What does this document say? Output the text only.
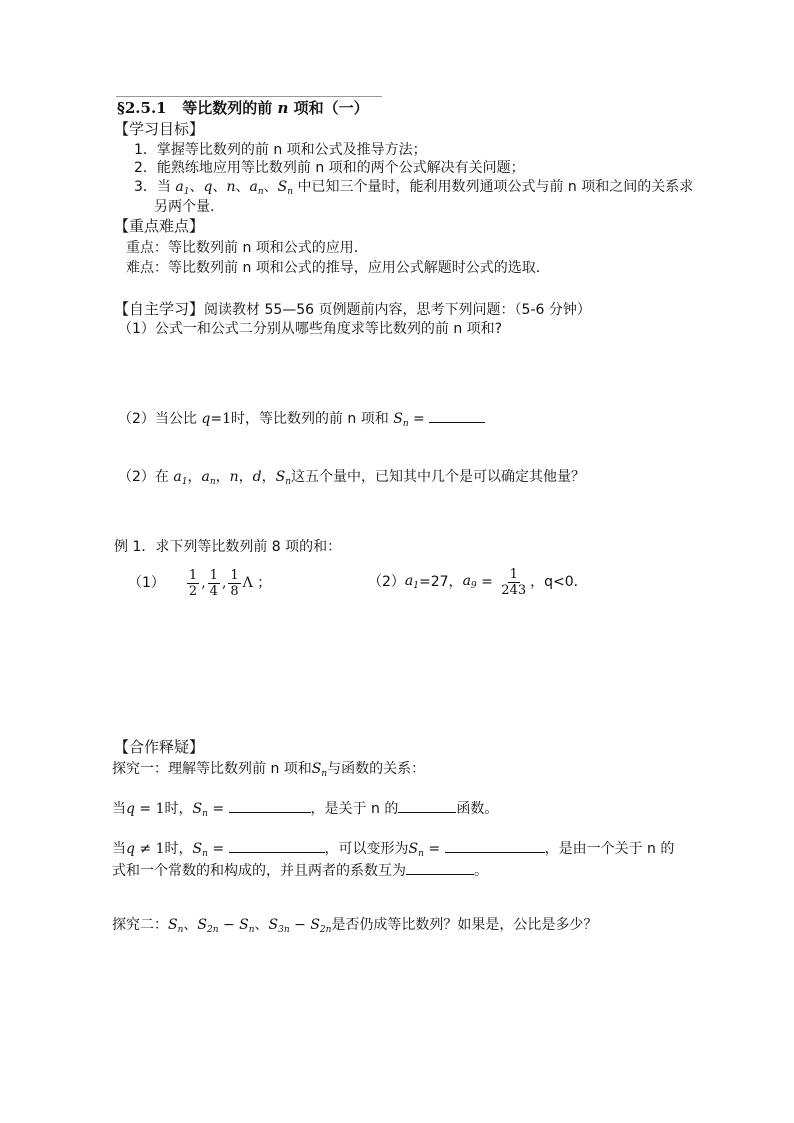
§2.5.1 等比数列的前 n 项和（一）
【学习目标】
1．掌握等比数列的前 n 项和公式及推导方法；
2．能熟练地应用等比数列前 n 项和的两个公式解决有关问题；
3．当 $a_1$、q、n、$a_n$、$S_n$ 中已知三个量时，能利用数列通项公式与前 n 项和之间的关系求
另两个量．
【重点难点】
重点：等比数列前 n 项和公式的应用．
难点：等比数列前 n 项和公式的推导，应用公式解题时公式的选取．
【自主学习】阅读教材 55—56 页例题前内容，思考下列问题：（5-6 分钟）
（1）公式一和公式二分别从哪些角度求等比数列的前 n 项和?
（2）当公比 q=1时，等比数列的前 n 项和 $S_n$ =
（2）在 $a_1$，$a_n$，n，d，$S_n$这五个量中，已知其中几个是可以确定其他量？
例 1．求下列等比数列前 8 项的和：
$(1) \frac{1}{2}$ , $\frac{1}{4}$ , $\frac{1}{8}$ Λ ；	（2） $a_1 =27$， $a_9 = \frac{1}{243}$ ，q<0．
【合作释疑】
探究一：理解等比数列前 n 项和$S_n$与函数的关系：
当q = 1时，$S_n$ =	，是关于 n 的	函数。
当q ≠ 1时，$S_n$ =	，可以变形为$S_n$ =	，是由一个关于 n 的
式和一个常数的和构成的，并且两者的系数互为	。
探究二：$S_n$、$S_{2n} - S_n$、$S_{3n} - S_{2n}$是否仍成等比数列？如果是，公比是多少？
